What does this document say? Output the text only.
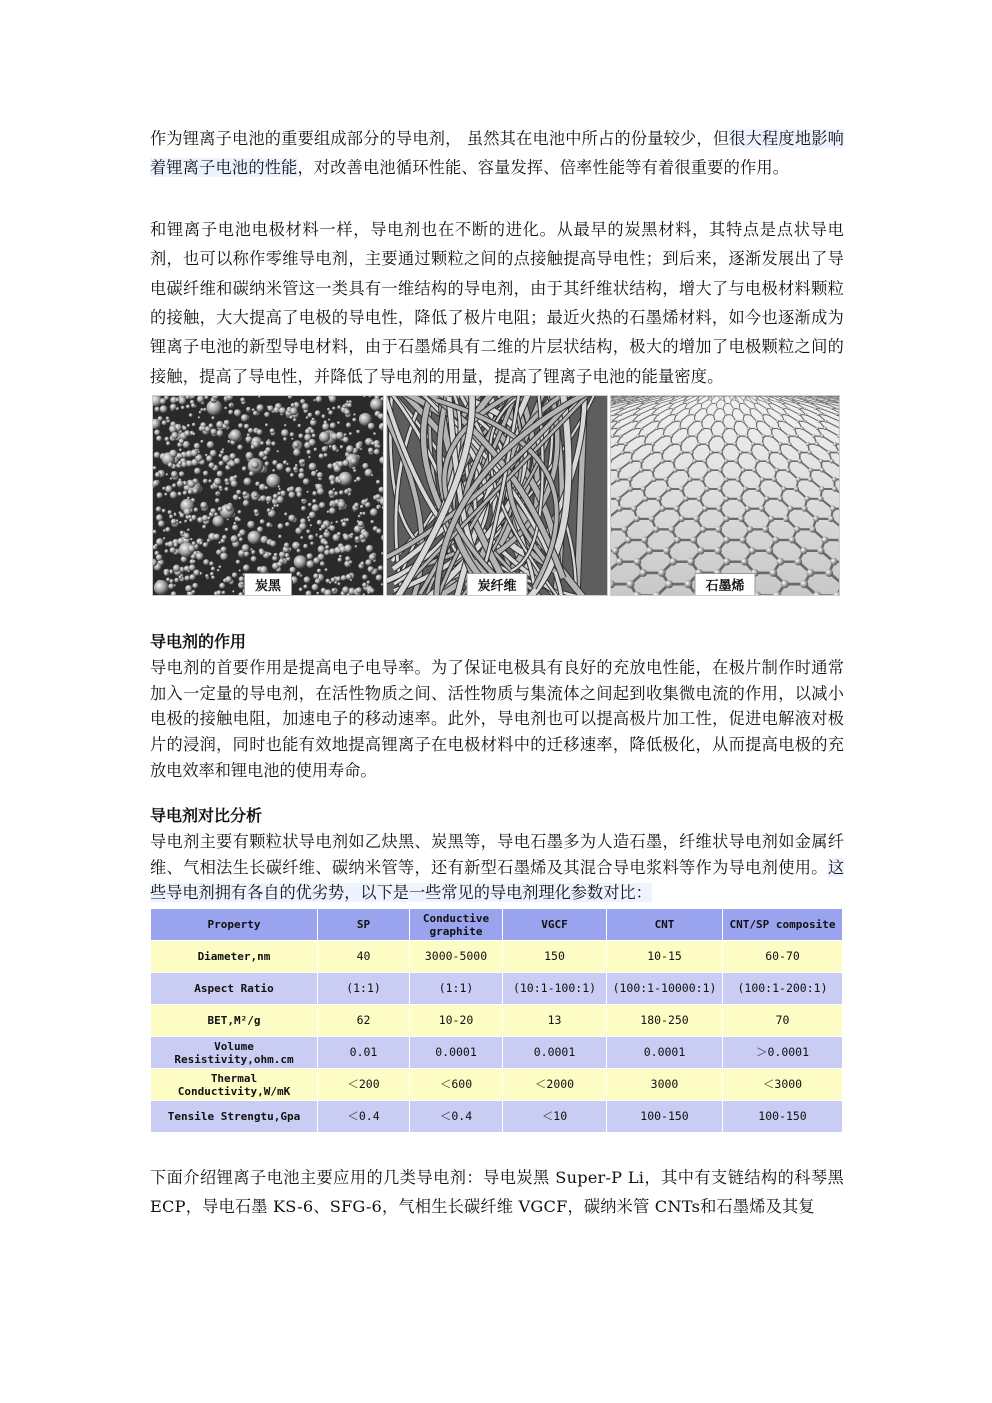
作为锂离子电池的重要组成部分的导电剂， 虽然其在电池中所占的份量较少，但很大程度地影响着锂离子电池的性能，对改善电池循环性能、容量发挥、倍率性能等有着很重要的作用。

和锂离子电池电极材料一样，导电剂也在不断的进化。从最早的炭黑材料，其特点是点状导电剂，也可以称作零维导电剂，主要通过颗粒之间的点接触提高导电性；到后来，逐渐发展出了导电碳纤维和碳纳米管这一类具有一维结构的导电剂，由于其纤维状结构，增大了与电极材料颗粒的接触，大大提高了电极的导电性，降低了极片电阻；最近火热的石墨烯材料，如今也逐渐成为锂离子电池的新型导电材料，由于石墨烯具有二维的片层状结构，极大的增加了电极颗粒之间的接触，提高了导电性，并降低了导电剂的用量，提高了锂离子电池的能量密度。

炭黑	炭纤维	石墨烯
导电剂的作用

导电剂的首要作用是提高电子电导率。为了保证电极具有良好的充放电性能，在极片制作时通常加入一定量的导电剂，在活性物质之间、活性物质与集流体之间起到收集微电流的作用，以减小电极的接触电阻，加速电子的移动速率。此外，导电剂也可以提高极片加工性，促进电解液对极片的浸润，同时也能有效地提高锂离子在电极材料中的迁移速率，降低极化，从而提高电极的充放电效率和锂电池的使用寿命。

导电剂对比分析

导电剂主要有颗粒状导电剂如乙炔黑、炭黑等，导电石墨多为人造石墨，纤维状导电剂如金属纤维、气相法生长碳纤维、碳纳米管等，还有新型石墨烯及其混合导电浆料等作为导电剂使用。这些导电剂拥有各自的优劣势，以下是一些常见的导电剂理化参数对比：

Property	SP	Conductive graphite	VGCF	CNT	CNT/SP composite
Diameter,nm	40	3000-5000	150	10-15	60-70
Aspect Ratio	(1:1)	(1:1)	(10:1-100:1)	(100:1-10000:1)	(100:1-200:1)
BET,M²/g	62	10-20	13	180-250	70
Volume Resistivity,ohm.cm	0.01	0.0001	0.0001	0.0001	＞0.0001
Thermal Conductivity,W/mK	＜200	＜600	＜2000	3000	＜3000
Tensile Strengtu,Gpa	＜0.4	＜0.4	＜10	100-150	100-150

下面介绍锂离子电池主要应用的几类导电剂：导电炭黑 Super-P Li，其中有支链结构的科琴黑 ECP，导电石墨 KS-6、SFG-6，气相生长碳纤维 VGCF，碳纳米管 CNTs和石墨烯及其复
